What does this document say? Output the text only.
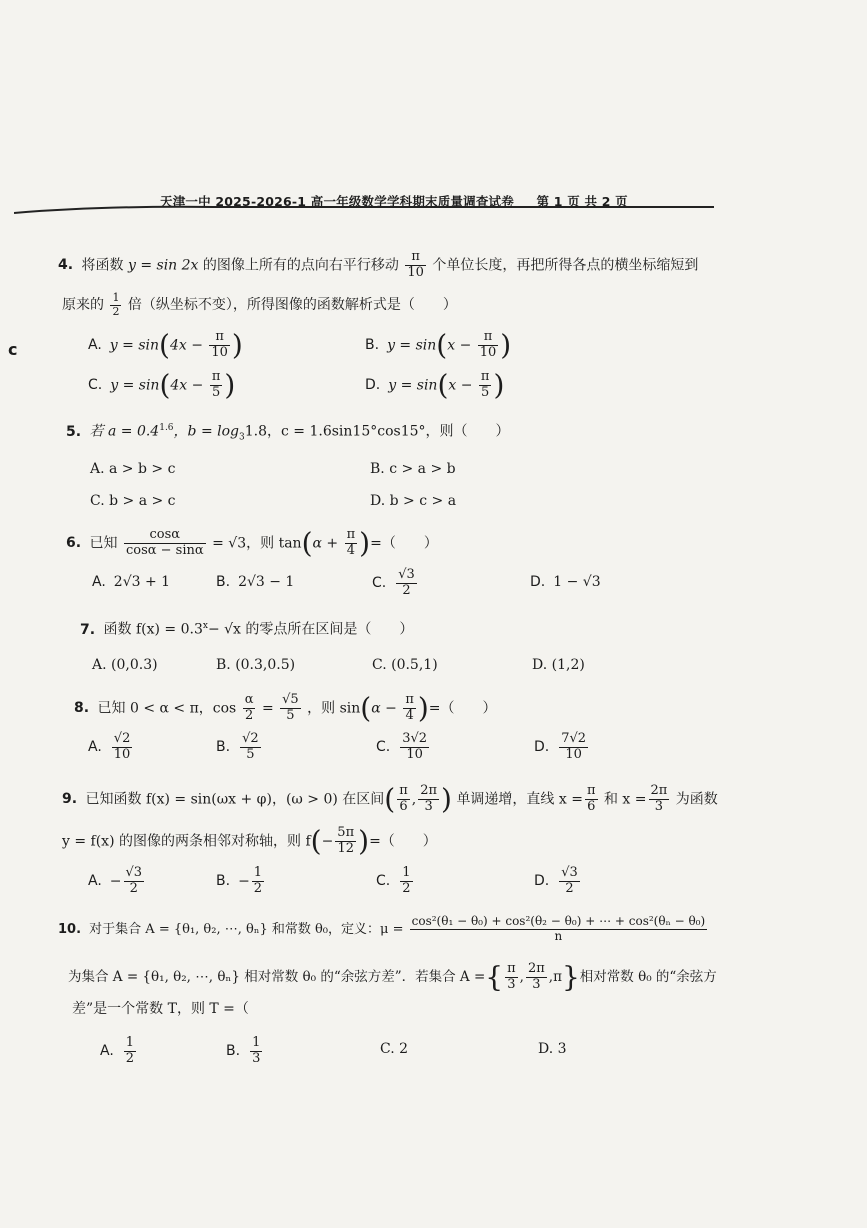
天津一中 2025-2026-1 高一年级数学学科期末质量调查试卷 第 1 页 共 2 页
c
4. 将函数 y = sin 2x 的图像上所有的点向右平行移动 $\frac{\pi}{10}$ 个单位长度，再把所得各点的横坐标缩短到
原来的 $\frac{1}{2}$ 倍（纵坐标不变），所得图像的函数解析式是（　　）
A. $y = \sin(4x - \frac{\pi}{10}$ )	B. $y = \sin(x - \frac{\pi}{10}$ )
C. $y = \sin(4x - \frac{\pi}{5}$ )	D. $y = \sin(x - \frac{\pi}{5}$ )
5. 若 $a = 0.4^{1.6}$，$b = \log_31.8$，c = 1.6sin15°cos15°，则（　　）
A. a > b > c	B. c > a > b
C. b > a > c	D. b > c > a
6. 已知 $\frac{\cos\alpha}{\cos\alpha - \sin\alpha} = √3$，则 $\tan(\alpha + \frac{\pi}{4}$ )=（　　）
A. 2√3 + 1	B. 2√3 − 1	C. $\frac{√3}{2}$	D. 1 − √3
7. 函数 $f(x) = 0.3^x- √x$ 的零点所在区间是（　　）
A. (0,0.3)	B. (0.3,0.5)	C. (0.5,1)	D. (1,2)
8. 已知 0 < α < π，$\cos \frac{\alpha}{2} = \frac{√5}{5}$ ，则 $\sin(\alpha - \frac{\pi}{4}$ )=（　　）
A. $\frac{√2}{10}$	B. $\frac{√2}{5}$	C. $\frac{3√2}{10}$	D. $\frac{7√2}{10}$
9. 已知函数 f(x) = sin(ωx + φ)，(ω > 0) 在区间( $\frac{\pi}{6}$ , $\frac{2\pi}{3}$ ) 单调递增，直线 $x = \frac{\pi}{6}$ 和 $x = \frac{2\pi}{3}$ 为函数
y = f(x) 的图像的两条相邻对称轴，则 $f(- \frac{5\pi}{12}$ )=（　　）
A. − $\frac{√3}{2}$	B. − $\frac{1}{2}$	C. $\frac{1}{2}$	D. $\frac{√3}{2}$
10. 对于集合 A = {θ₁, θ₂, ⋯, θₙ} 和常数 θ₀，定义：$\mu = \frac{\text{cos²(θ₁ − θ₀) + cos²(θ₂ − θ₀) + ⋯ + cos²(θₙ − θ₀)}}{n}$
为集合 A = {θ₁, θ₂, ⋯, θₙ} 相对常数 θ₀ 的“余弦方差”．若集合 A ={ $\frac{\pi}{3}$ , $\frac{2\pi}{3} ,\pi$}相对常数 θ₀ 的“余弦方
差”是一个常数 T，则 T =（
A. $\frac{1}{2}$	B. $\frac{1}{3}$	C. 2	D. 3
